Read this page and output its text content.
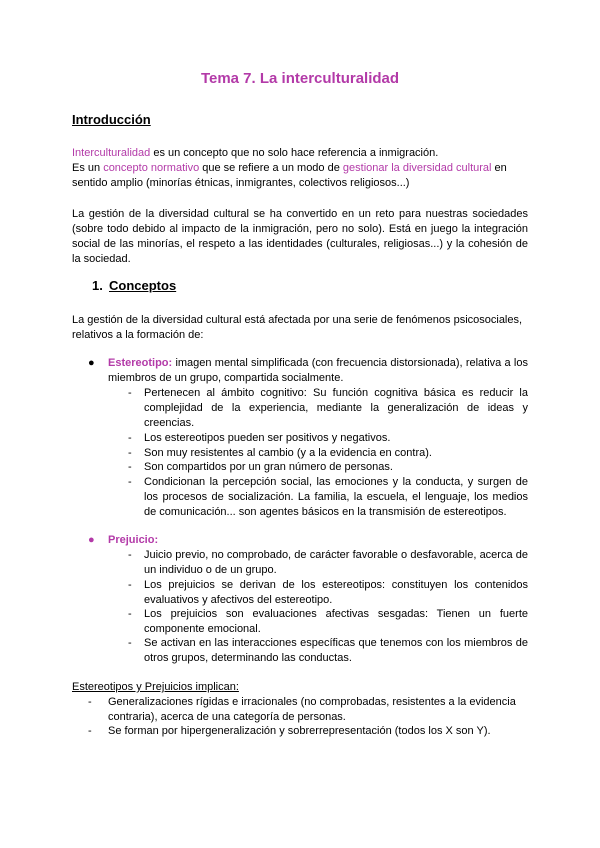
Tema 7. La interculturalidad
Introducción
Interculturalidad es un concepto que no solo hace referencia a inmigración.
Es un concepto normativo que se refiere a un modo de gestionar la diversidad cultural en sentido amplio (minorías étnicas, inmigrantes, colectivos religiosos...)
La gestión de la diversidad cultural se ha convertido en un reto para nuestras sociedades (sobre todo debido al impacto de la inmigración, pero no solo). Está en juego la integración social de las minorías, el respeto a las identidades (culturales, religiosas...) y la cohesión de la sociedad.
1. Conceptos
La gestión de la diversidad cultural está afectada por una serie de fenómenos psicosociales, relativos a la formación de:
●	Estereotipo: imagen mental simplificada (con frecuencia distorsionada), relativa a los miembros de un grupo, compartida socialmente.
- Pertenecen al ámbito cognitivo: Su función cognitiva básica es reducir la complejidad de la experiencia, mediante la generalización de ideas y creencias.
- Los estereotipos pueden ser positivos y negativos.
- Son muy resistentes al cambio (y a la evidencia en contra).
- Son compartidos por un gran número de personas.
- Condicionan la percepción social, las emociones y la conducta, y surgen de los procesos de socialización. La familia, la escuela, el lenguaje, los medios de comunicación... son agentes básicos en la transmisión de estereotipos.
●	Prejuicio:
- Juicio previo, no comprobado, de carácter favorable o desfavorable, acerca de un individuo o de un grupo.
- Los prejuicios se derivan de los estereotipos: constituyen los contenidos evaluativos y afectivos del estereotipo.
- Los prejuicios son evaluaciones afectivas sesgadas: Tienen un fuerte componente emocional.
- Se activan en las interacciones específicas que tenemos con los miembros de otros grupos, determinando las conductas.
Estereotipos y Prejuicios implican:
- Generalizaciones rígidas e irracionales (no comprobadas, resistentes a la evidencia contraria), acerca de una categoría de personas.
- Se forman por hipergeneralización y sobrerrepresentación (todos los X son Y).
